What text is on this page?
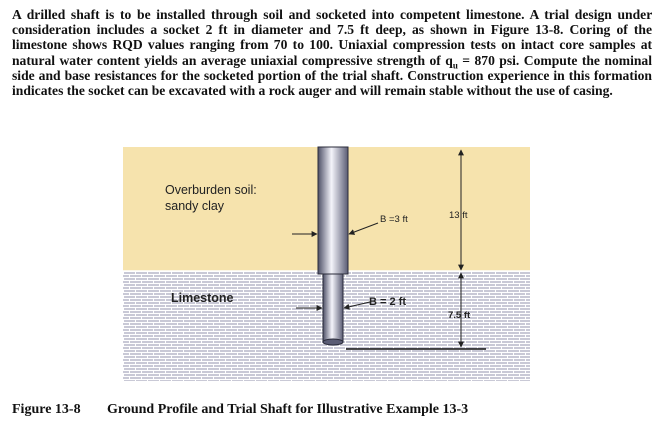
A drilled shaft is to be installed through soil and socketed into competent limestone. A trial design under consideration includes a socket 2 ft in diameter and 7.5 ft deep, as shown in Figure 13-8. Coring of the limestone shows RQD values ranging from 70 to 100. Uniaxial compression tests on intact core samples at natural water content yields an average uniaxial compressive strength of $q_u = 870$ psi. Compute the nominal side and base resistances for the socketed portion of the trial shaft. Construction experience in this formation indicates the socket can be excavated with a rock auger and will remain stable without the use of casing.

Overburden soil:
sandy clay
B =3 ft	13 ft
Limestone	B = 2 ft
7.5 ft

Figure 13-8 Ground Profile and Trial Shaft for Illustrative Example 13-3
